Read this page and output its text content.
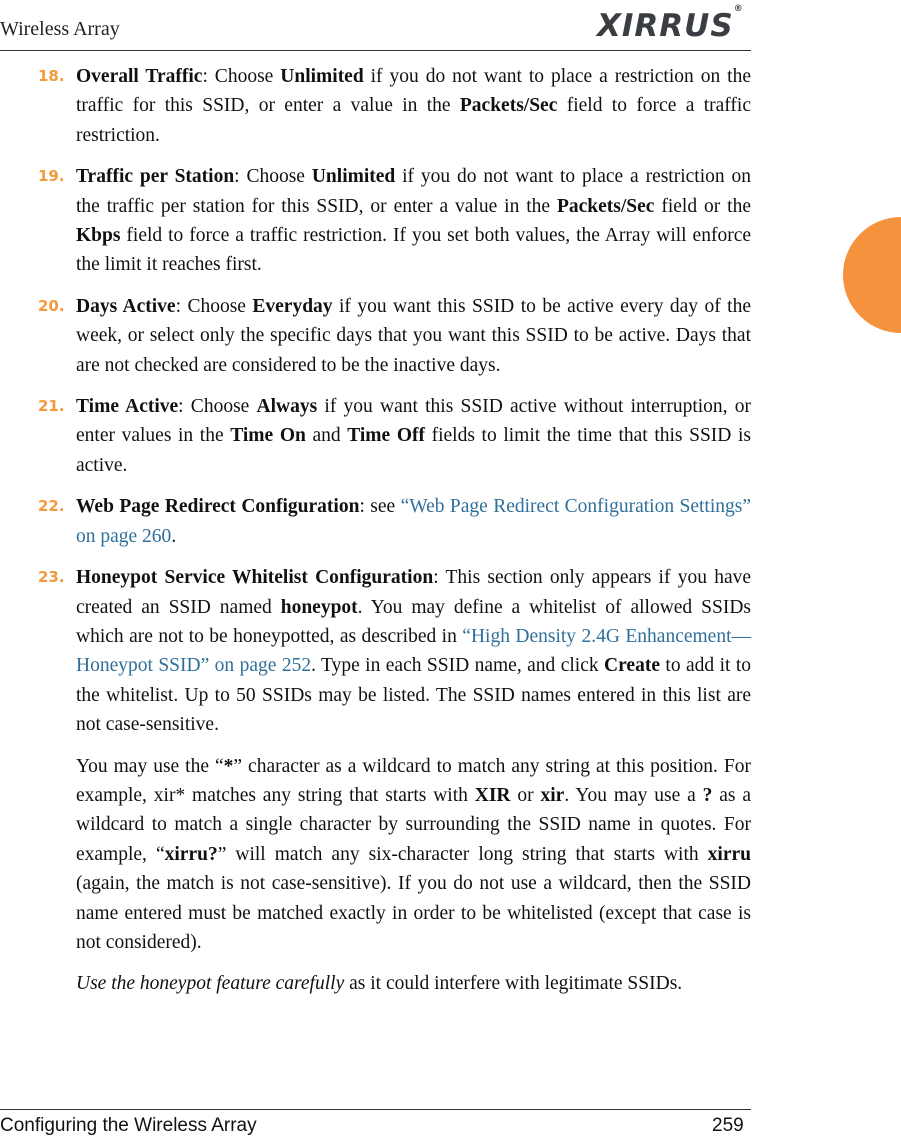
Wireless Array	XIRRUS®
18. Overall Traffic: Choose Unlimited if you do not want to place a restriction on the traffic for this SSID, or enter a value in the Packets/Sec field to force a traffic restriction.
19. Traffic per Station: Choose Unlimited if you do not want to place a restriction on the traffic per station for this SSID, or enter a value in the Packets/Sec field or the Kbps field to force a traffic restriction. If you set both values, the Array will enforce the limit it reaches first.
20. Days Active: Choose Everyday if you want this SSID to be active every day of the week, or select only the specific days that you want this SSID to be active. Days that are not checked are considered to be the inactive days.
21. Time Active: Choose Always if you want this SSID active without interruption, or enter values in the Time On and Time Off fields to limit the time that this SSID is active.
22. Web Page Redirect Configuration: see “Web Page Redirect Configuration Settings” on page 260.
23. Honeypot Service Whitelist Configuration: This section only appears if you have created an SSID named honeypot. You may define a whitelist of allowed SSIDs which are not to be honeypotted, as described in “High Density 2.4G Enhancement—Honeypot SSID” on page 252. Type in each SSID name, and click Create to add it to the whitelist. Up to 50 SSIDs may be listed. The SSID names entered in this list are not case-sensitive.
You may use the “*” character as a wildcard to match any string at this position. For example, xir* matches any string that starts with XIR or xir. You may use a ? as a wildcard to match a single character by surrounding the SSID name in quotes. For example, “xirru?” will match any six-character long string that starts with xirru (again, the match is not case-sensitive). If you do not use a wildcard, then the SSID name entered must be matched exactly in order to be whitelisted (except that case is not considered).
Use the honeypot feature carefully as it could interfere with legitimate SSIDs.
Configuring the Wireless Array	259
